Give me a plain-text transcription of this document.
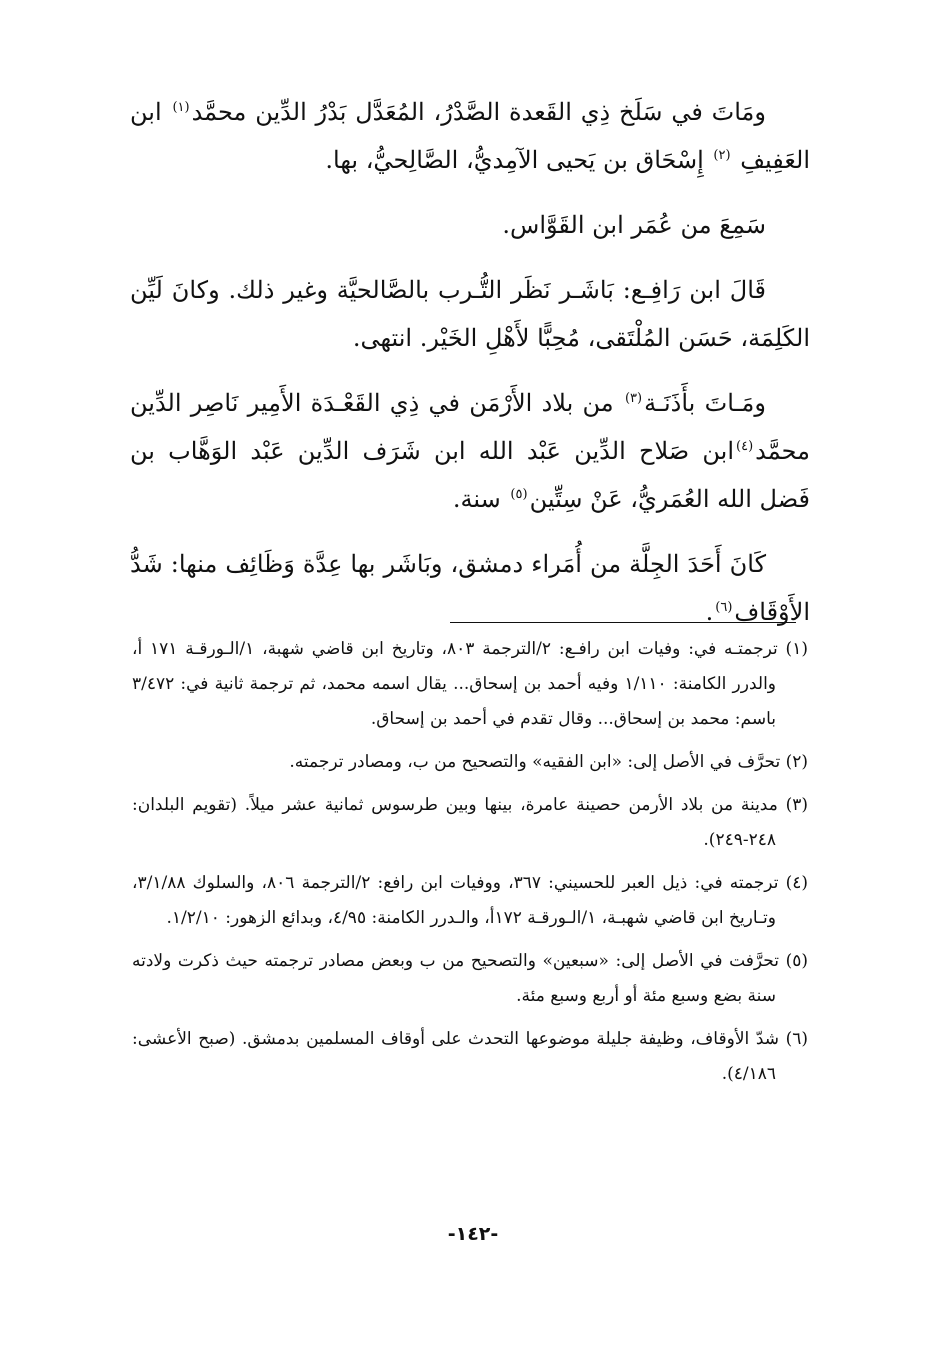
ومَاتَ في سَلَخ ذِي القَعدة الصَّدْرُ، المُعَدَّل بَدْرُ الدِّين محمَّد$^{(١)}$ ابن العَفِيفِ $^{(٢)}$ إِسْحَاق بن يَحيى الآمِديُّ، الصَّالِحيُّ، بها.

سَمِعَ من عُمَر ابن القَوَّاس.

قَالَ ابن رَافِـع: بَاشَـر نَظَر التُّـرب بالصَّالحيَّة وغير ذلك. وكانَ لَيِّن الكَلِمَة، حَسَن المُلْتَقى، مُحِبًّا لأَهْلِ الخَيْر. انتهى.

ومَـاتَ بأَذَنَـة$^{(٣)}$ من بلاد الأَرْمَن في ذِي القَعْـدَة الأَمِير نَاصِر الدِّين محمَّد$^{(٤)}$ابن صَلاح الدِّين عَبْد الله ابن شَرَف الدِّين عَبْد الوَهَّاب بن فَضل الله العُمَريُّ، عَنْ سِتِّين$^{(٥)}$ سنة.

كَانَ أَحَدَ الجِلَّة من أُمَراء دمشق، وبَاشَر بها عِدَّة وَظَائِف منها: شَدُّ الأَوْقَاف$^{(٦)}$.

(١) ترجمتـه في: وفيات ابن رافـع: ٢/الترجمة ٨٠٣، وتاريخ ابن قاضي شهبة، ١/الـورقـة ١٧١ أ، والدرر الكامنة: ١/١١٠ وفيه أحمد بن إسحاق... يقال اسمه محمد، ثم ترجمة ثانية في: ٣/٤٧٢ باسم: محمد بن إسحاق... وقال تقدم في أحمد بن إسحاق.

(٢) تحرَّف في الأصل إلى: «ابن الفقيه» والتصحيح من ب، ومصادر ترجمته.

(٣) مدينة من بلاد الأرمن حصينة عامرة، بينها وبين طرسوس ثمانية عشر ميلاً. (تقويم البلدان: ٢٤٨-٢٤٩).

(٤) ترجمته في: ذيل العبر للحسيني: ٣٦٧، ووفيات ابن رافع: ٢/الترجمة ٨٠٦، والسلوك ٣/١/٨٨، وتـاريخ ابن قاضي شهبـة، ١/الـورقـة ١٧٢أ، والـدرر الكامنة: ٤/٩٥، وبدائع الزهور: ١/٢/١٠.

(٥) تحرَّفت في الأصل إلى: «سبعين» والتصحيح من ب وبعض مصادر ترجمته حيث ذكرت ولادته سنة بضع وسبع مئة أو أربع وسبع مئة.

(٦) شدّ الأوقاف، وظيفة جليلة موضوعها التحدث على أوقاف المسلمين بدمشق. (صبح الأعشى: ٤/١٨٦).

-١٤٢-
